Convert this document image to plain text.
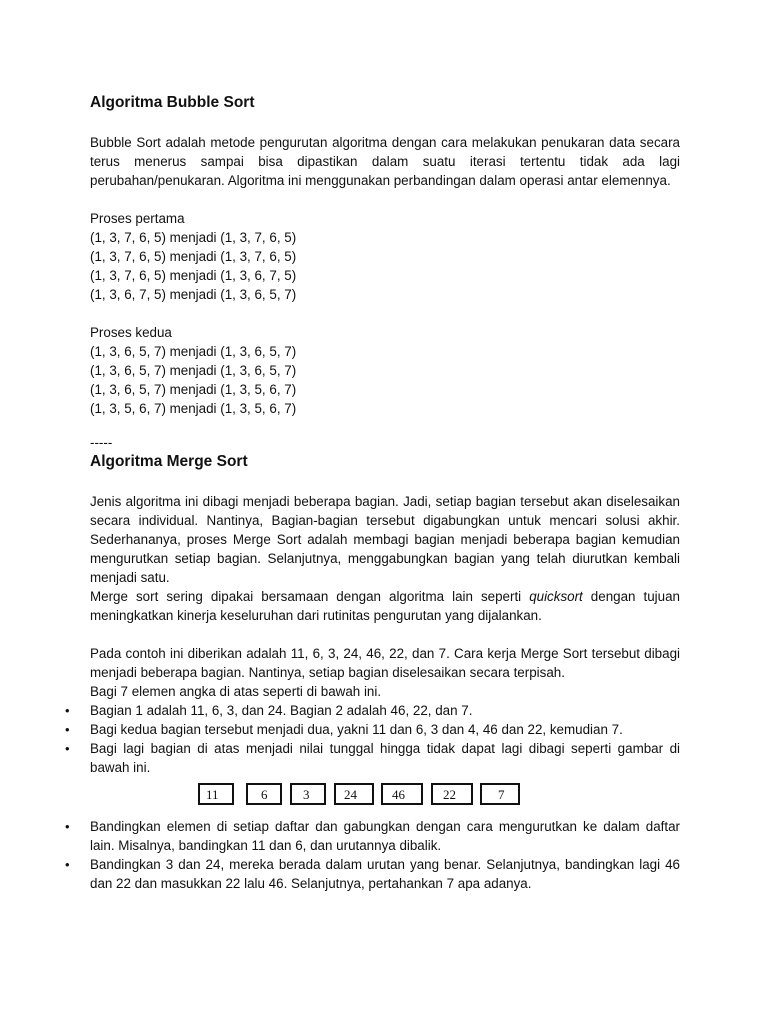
Algoritma Bubble Sort

Bubble Sort adalah metode pengurutan algoritma dengan cara melakukan penukaran data secara terus menerus sampai bisa dipastikan dalam suatu iterasi tertentu tidak ada lagi perubahan/penukaran. Algoritma ini menggunakan perbandingan dalam operasi antar elemennya.

Proses pertama
(1, 3, 7, 6, 5) menjadi (1, 3, 7, 6, 5)
(1, 3, 7, 6, 5) menjadi (1, 3, 7, 6, 5)
(1, 3, 7, 6, 5) menjadi (1, 3, 6, 7, 5)
(1, 3, 6, 7, 5) menjadi (1, 3, 6, 5, 7)
Proses kedua
(1, 3, 6, 5, 7) menjadi (1, 3, 6, 5, 7)
(1, 3, 6, 5, 7) menjadi (1, 3, 6, 5, 7)
(1, 3, 6, 5, 7) menjadi (1, 3, 5, 6, 7)
(1, 3, 5, 6, 7) menjadi (1, 3, 5, 6, 7)
-----
Algoritma Merge Sort

Jenis algoritma ini dibagi menjadi beberapa bagian. Jadi, setiap bagian tersebut akan diselesaikan secara individual. Nantinya, Bagian-bagian tersebut digabungkan untuk mencari solusi akhir. Sederhananya, proses Merge Sort adalah membagi bagian menjadi beberapa bagian kemudian mengurutkan setiap bagian. Selanjutnya, menggabungkan bagian yang telah diurutkan kembali menjadi satu.

Merge sort sering dipakai bersamaan dengan algoritma lain seperti quicksort dengan tujuan meningkatkan kinerja keseluruhan dari rutinitas pengurutan yang dijalankan.

Pada contoh ini diberikan adalah 11, 6, 3, 24, 46, 22, dan 7. Cara kerja Merge Sort tersebut dibagi menjadi beberapa bagian. Nantinya, setiap bagian diselesaikan secara terpisah.

Bagi 7 elemen angka di atas seperti di bawah ini.

• Bagian 1 adalah 11, 6, 3, dan 24. Bagian 2 adalah 46, 22, dan 7.
• Bagi kedua bagian tersebut menjadi dua, yakni 11 dan 6, 3 dan 4, 46 dan 22, kemudian 7.
• Bagi lagi bagian di atas menjadi nilai tunggal hingga tidak dapat lagi dibagi seperti gambar di bawah ini.
11	6	3	24	46	22	7
• Bandingkan elemen di setiap daftar dan gabungkan dengan cara mengurutkan ke dalam daftar lain. Misalnya, bandingkan 11 dan 6, dan urutannya dibalik.
• Bandingkan 3 dan 24, mereka berada dalam urutan yang benar. Selanjutnya, bandingkan lagi 46 dan 22 dan masukkan 22 lalu 46. Selanjutnya, pertahankan 7 apa adanya.
